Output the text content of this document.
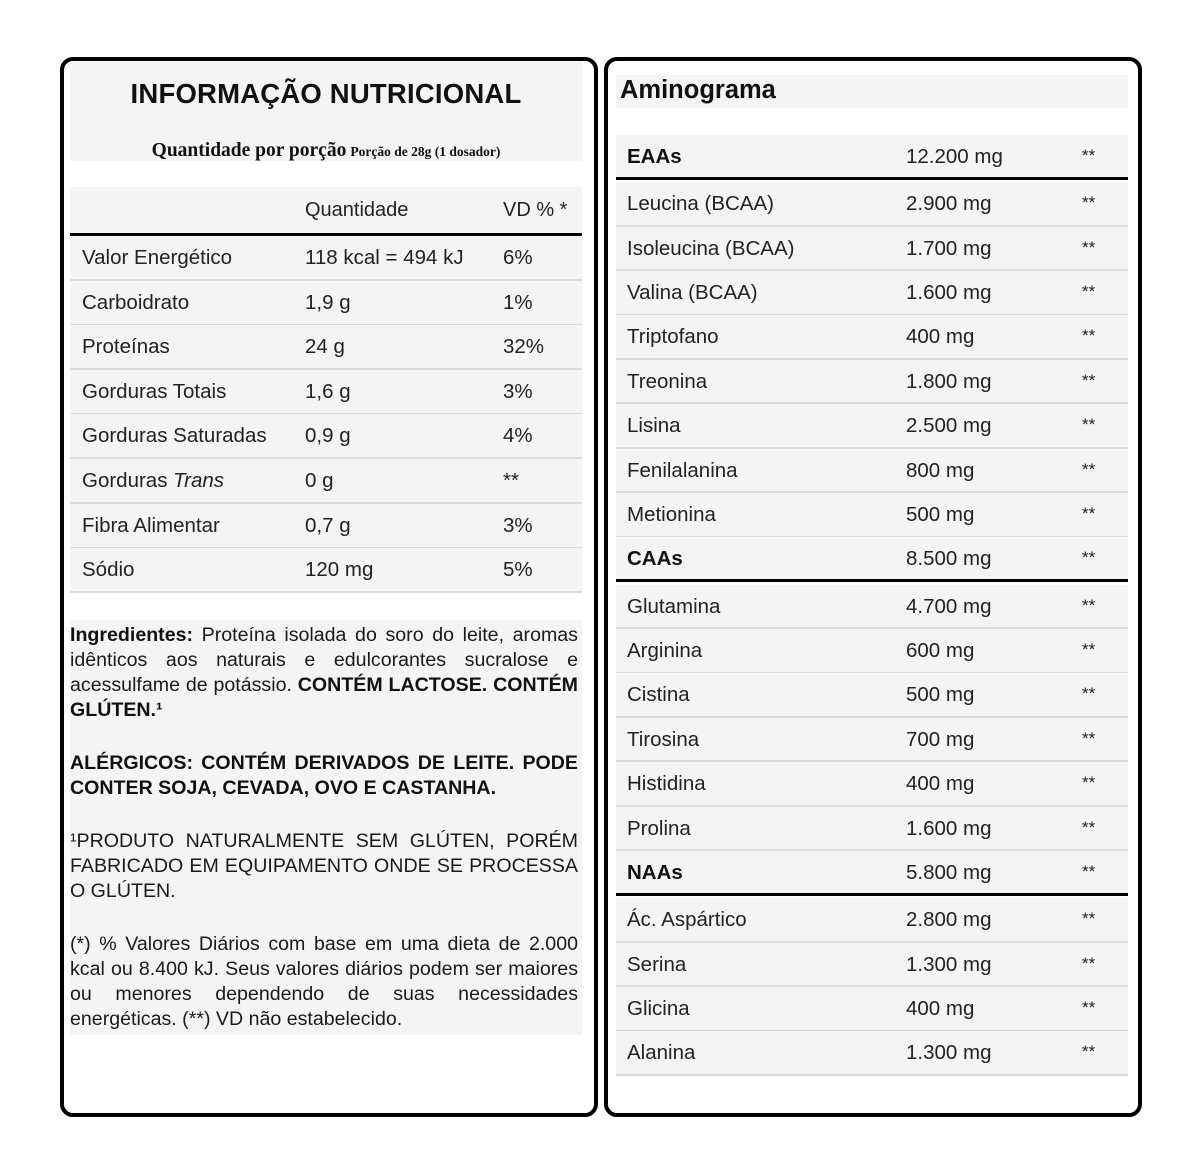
INFORMAÇÃO NUTRICIONAL
Quantidade por porção Porção de 28g (1 dosador)
Quantidade	VD % *
Valor Energético	118 kcal = 494 kJ 6%
Carboidrato	1,9 g	1%
Proteínas	24 g	32%
Gorduras Totais	1,6 g	3%
Gorduras Saturadas 0,9 g	4%
Gorduras Trans	0 g	**
Fibra Alimentar	0,7 g	3%
Sódio	120 mg	5%
Ingredientes: Proteína isolada do soro do leite, aromas idênticos aos naturais e edulcorantes sucralose e acessulfame de potássio. CONTÉM LACTOSE. CONTÉM GLÚTEN.¹
ALÉRGICOS: CONTÉM DERIVADOS DE LEITE. PODE CONTER SOJA, CEVADA, OVO E CASTANHA.
¹PRODUTO NATURALMENTE SEM GLÚTEN, PORÉM FABRICADO EM EQUIPAMENTO ONDE SE PROCESSA O GLÚTEN.
(*) % Valores Diários com base em uma dieta de 2.000 kcal ou 8.400 kJ. Seus valores diários podem ser maiores ou menores dependendo de suas necessidades energéticas. (**) VD não estabelecido.
Aminograma
EAAs	12.200 mg	**
Leucina (BCAA)	2.900 mg	**
Isoleucina (BCAA)	1.700 mg	**
Valina (BCAA)	1.600 mg	**
Triptofano	400 mg	**
Treonina	1.800 mg	**
Lisina	2.500 mg	**
Fenilalanina	800 mg	**
Metionina	500 mg	**
CAAs	8.500 mg	**
Glutamina	4.700 mg	**
Arginina	600 mg	**
Cistina	500 mg	**
Tirosina	700 mg	**
Histidina	400 mg	**
Prolina	1.600 mg	**
NAAs	5.800 mg	**
Ác. Aspártico	2.800 mg	**
Serina	1.300 mg	**
Glicina	400 mg	**
Alanina	1.300 mg	**
